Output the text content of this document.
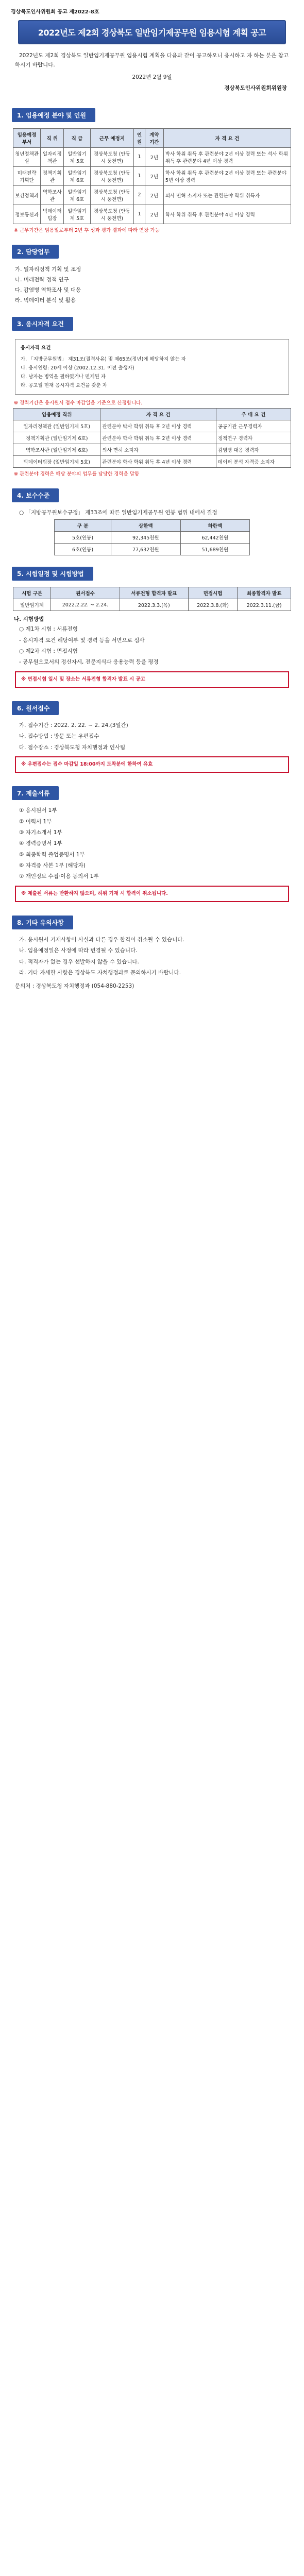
경상북도인사위원회 공고 제2022-8호
2022년도 제2회 경상북도 일반임기제공무원 임용시험 계획 공고
2022년도 제2회 경상북도 일반임기제공무원 임용시험 계획을 다음과 같이 공고하오니 응시하고 자 하는 분은 참고하시기 바랍니다.
2022년 2월 9일
경상북도인사위원회위원장
1. 임용예정 분야 및 인원
임용예정 부서	직 위	직 급	근무 예정지	인원	계약 기간	자 격 요 건
청년정책관실	일자리정책관	일반임기제 5호	경상북도청 (안동시 풍천면)	1	2년	박사 학위 취득 후 관련분야 2년 이상 경력 또는 석사 학위 취득 후 관련분야 4년 이상 경력
미래전략 기획단	정책기획관	일반임기제 6호	경상북도청 (안동시 풍천면)	1	2년	학사 학위 취득 후 관련분야 2년 이상 경력 또는 관련분야 5년 이상 경력
보건정책과	역학조사관	일반임기제 6호	경상북도청 (안동시 풍천면)	2	2년	의사 면허 소지자 또는 관련분야 학위 취득자
정보통신과	빅데이터팀장	일반임기제 5호	경상북도청 (안동시 풍천면)	1	2년	학사 학위 취득 후 관련분야 4년 이상 경력
※ 근무기간은 임용일로부터 2년 후 성과 평가 결과에 따라 연장 가능
2. 담당업무
가. 일자리정책 기획 및 조정
나. 미래전략 정책 연구
다. 감염병 역학조사 및 대응
라. 빅데이터 분석 및 활용
3. 응시자격 요건
응시자격 요건
가. 「지방공무원법」 제31조(결격사유) 및 제65조(정년)에 해당하지 않는 자
나. 응시연령: 20세 이상 (2002.12.31. 이전 출생자)
다. 남자는 병역을 필하였거나 면제된 자
라. 공고일 현재 응시자격 요건을 갖춘 자
※ 경력기간은 응시원서 접수 마감일을 기준으로 산정합니다.
임용예정 직위	자 격 요 건	우 대 요 건
일자리정책관 (일반임기제 5호)	관련분야 박사 학위 취득 후 2년 이상 경력	공공기관 근무경력자
정책기획관 (일반임기제 6호)	관련분야 학사 학위 취득 후 2년 이상 경력	정책연구 경력자
역학조사관 (일반임기제 6호)	의사 면허 소지자	감염병 대응 경력자
빅데이터팀장 (일반임기제 5호)	관련분야 학사 학위 취득 후 4년 이상 경력	데이터 분석 자격증 소지자
※ 관련분야 경력은 해당 분야의 업무를 담당한 경력을 말함
4. 보수수준
○ 「지방공무원보수규정」 제33조에 따른 일반임기제공무원 연봉 범위 내에서 결정
구 분	상한액	하한액
5호(연봉)	92,345천원	62,442천원
6호(연봉)	77,632천원	51,689천원
5. 시험일정 및 시험방법
시험 구분	원서접수	서류전형 합격자 발표	면접시험	최종합격자 발표
일반임기제	2022.2.22. ~ 2.24.	2022.3.3.(목)	2022.3.8.(화)	2022.3.11.(금)
나. 시험방법
○ 제1차 시험 : 서류전형
- 응시자격 요건 해당여부 및 경력 등을 서면으로 심사
○ 제2차 시험 : 면접시험
- 공무원으로서의 정신자세, 전문지식과 응용능력 등을 평정
※ 면접시험 일시 및 장소는 서류전형 합격자 발표 시 공고
6. 원서접수
가. 접수기간 : 2022. 2. 22. ~ 2. 24.(3일간)
나. 접수방법 : 방문 또는 우편접수
다. 접수장소 : 경상북도청 자치행정과 인사팀
※ 우편접수는 접수 마감일 18:00까지 도착분에 한하여 유효
7. 제출서류
① 응시원서 1부
② 이력서 1부
③ 자기소개서 1부
④ 경력증명서 1부
⑤ 최종학력 졸업증명서 1부
⑥ 자격증 사본 1부 (해당자)
⑦ 개인정보 수집·이용 동의서 1부
※ 제출된 서류는 반환하지 않으며, 허위 기재 시 합격이 취소됩니다.
8. 기타 유의사항
가. 응시원서 기재사항이 사실과 다른 경우 합격이 취소될 수 있습니다.
나. 임용예정일은 사정에 따라 변경될 수 있습니다.
다. 적격자가 없는 경우 선발하지 않을 수 있습니다.
라. 기타 자세한 사항은 경상북도 자치행정과로 문의하시기 바랍니다.
문의처 : 경상북도청 자치행정과 (054-880-2253)
